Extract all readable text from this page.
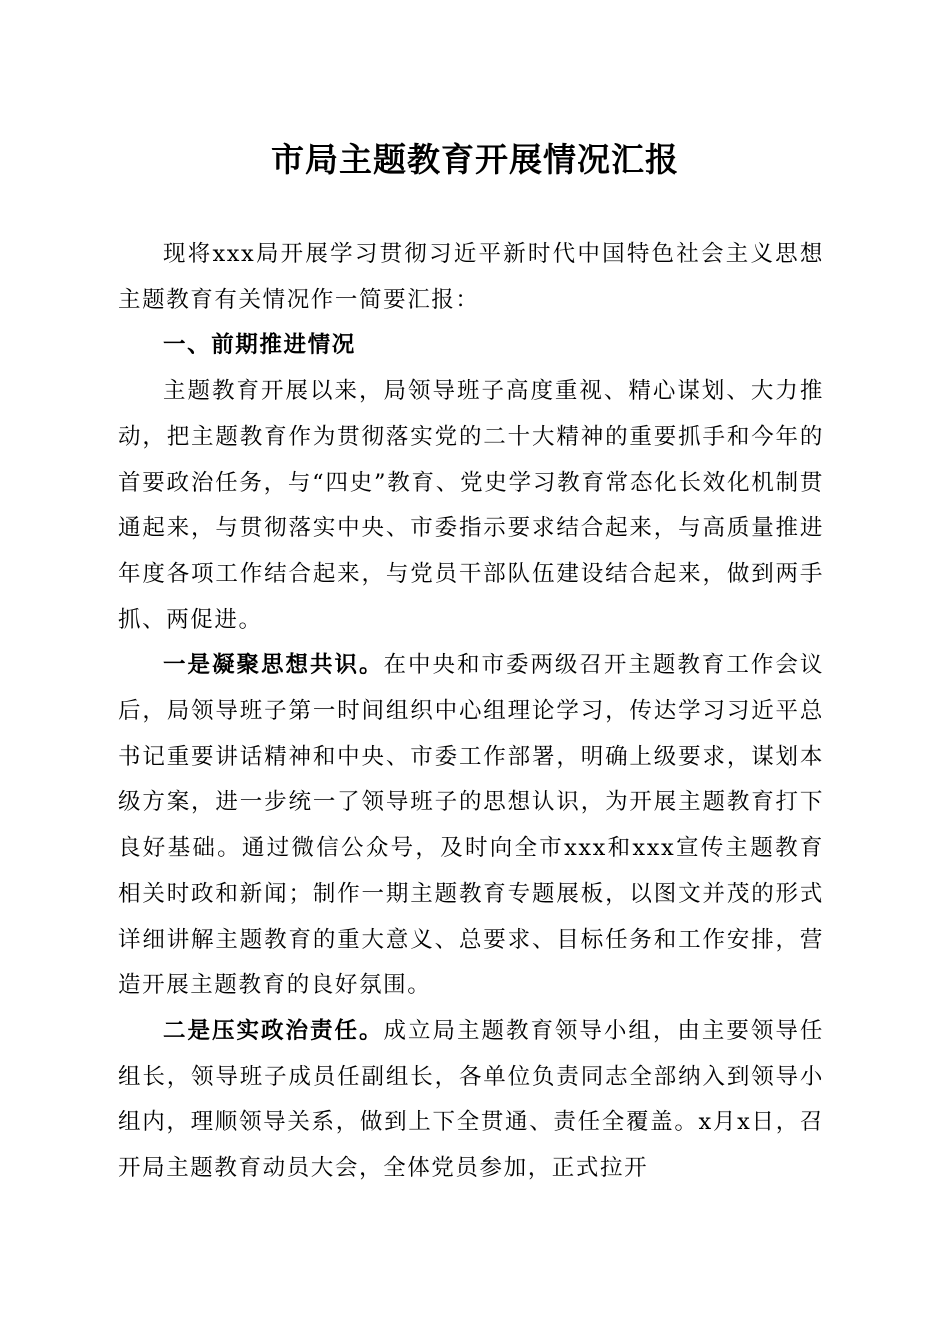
市局主题教育开展情况汇报

现将xxx局开展学习贯彻习近平新时代中国特色社会主义思想主题教育有关情况作一简要汇报：

一、前期推进情况

主题教育开展以来，局领导班子高度重视、精心谋划、大力推动，把主题教育作为贯彻落实党的二十大精神的重要抓手和今年的首要政治任务，与“四史”教育、党史学习教育常态化长效化机制贯通起来，与贯彻落实中央、市委指示要求结合起来，与高质量推进年度各项工作结合起来，与党员干部队伍建设结合起来，做到两手抓、两促进。

一是凝聚思想共识。在中央和市委两级召开主题教育工作会议后，局领导班子第一时间组织中心组理论学习，传达学习习近平总书记重要讲话精神和中央、市委工作部署，明确上级要求，谋划本级方案，进一步统一了领导班子的思想认识，为开展主题教育打下良好基础。通过微信公众号，及时向全市xxx和xxx宣传主题教育相关时政和新闻；制作一期主题教育专题展板，以图文并茂的形式详细讲解主题教育的重大意义、总要求、目标任务和工作安排，营造开展主题教育的良好氛围。

二是压实政治责任。成立局主题教育领导小组，由主要领导任组长，领导班子成员任副组长，各单位负责同志全部纳入到领导小组内，理顺领导关系，做到上下全贯通、责任全覆盖。x月x日，召开局主题教育动员大会，全体党员参加，正式拉开
